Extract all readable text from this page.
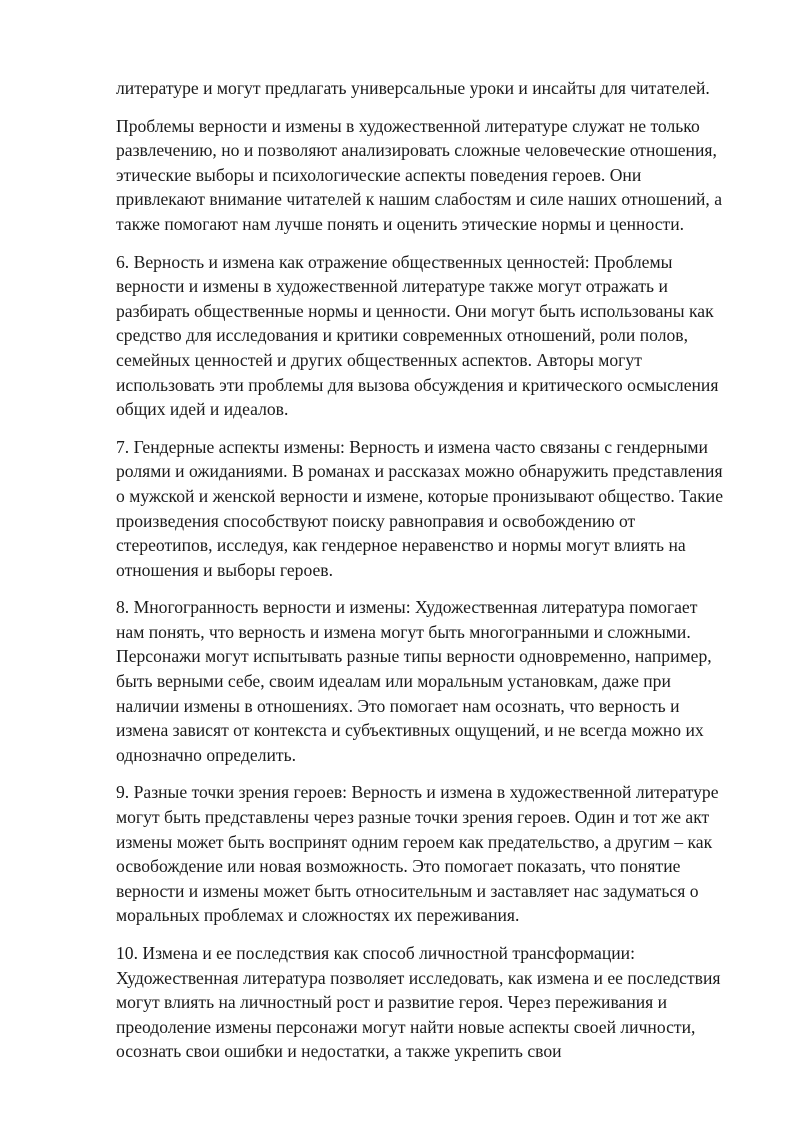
литературе и могут предлагать универсальные уроки и инсайты для читателей.

Проблемы верности и измены в художественной литературе служат не только развлечению, но и позволяют анализировать сложные человеческие отношения, этические выборы и психологические аспекты поведения героев. Они привлекают внимание читателей к нашим слабостям и силе наших отношений, а также помогают нам лучше понять и оценить этические нормы и ценности.

6. Верность и измена как отражение общественных ценностей: Проблемы верности и измены в художественной литературе также могут отражать и разбирать общественные нормы и ценности. Они могут быть использованы как средство для исследования и критики современных отношений, роли полов, семейных ценностей и других общественных аспектов. Авторы могут использовать эти проблемы для вызова обсуждения и критического осмысления общих идей и идеалов.

7. Гендерные аспекты измены: Верность и измена часто связаны с гендерными ролями и ожиданиями. В романах и рассказах можно обнаружить представления о мужской и женской верности и измене, которые пронизывают общество. Такие произведения способствуют поиску равноправия и освобождению от стереотипов, исследуя, как гендерное неравенство и нормы могут влиять на отношения и выборы героев.

8. Многогранность верности и измены: Художественная литература помогает нам понять, что верность и измена могут быть многогранными и сложными. Персонажи могут испытывать разные типы верности одновременно, например, быть верными себе, своим идеалам или моральным установкам, даже при наличии измены в отношениях. Это помогает нам осознать, что верность и измена зависят от контекста и субъективных ощущений, и не всегда можно их однозначно определить.

9. Разные точки зрения героев: Верность и измена в художественной литературе могут быть представлены через разные точки зрения героев. Один и тот же акт измены может быть воспринят одним героем как предательство, а другим – как освобождение или новая возможность. Это помогает показать, что понятие верности и измены может быть относительным и заставляет нас задуматься о моральных проблемах и сложностях их переживания.

10. Измена и ее последствия как способ личностной трансформации: Художественная литература позволяет исследовать, как измена и ее последствия могут влиять на личностный рост и развитие героя. Через переживания и преодоление измены персонажи могут найти новые аспекты своей личности, осознать свои ошибки и недостатки, а также укрепить свои
